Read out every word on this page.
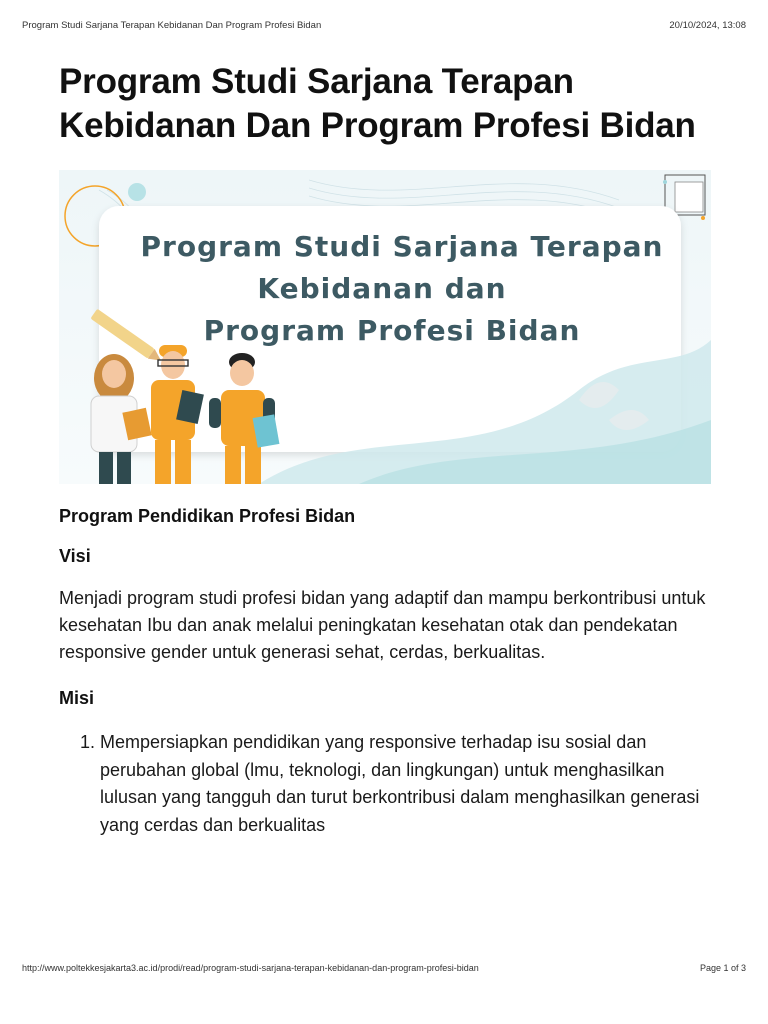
Program Studi Sarjana Terapan Kebidanan Dan Program Profesi Bidan	20/10/2024, 13:08
Program Studi Sarjana Terapan Kebidanan Dan Program Profesi Bidan
Program Studi Sarjana Terapan
Kebidanan dan
Program Profesi Bidan
Program Pendidikan Profesi Bidan
Visi
Menjadi program studi profesi bidan yang adaptif dan mampu berkontribusi untuk kesehatan Ibu dan anak melalui peningkatan kesehatan otak dan pendekatan responsive gender untuk generasi sehat, cerdas, berkualitas.
Misi
1. Mempersiapkan pendidikan yang responsive terhadap isu sosial dan perubahan global (lmu, teknologi, dan lingkungan) untuk menghasilkan lulusan yang tangguh dan turut berkontribusi dalam menghasilkan generasi yang cerdas dan berkualitas
http://www.poltekkesjakarta3.ac.id/prodi/read/program-studi-sarjana-terapan-kebidanan-dan-program-profesi-bidan	Page 1 of 3
